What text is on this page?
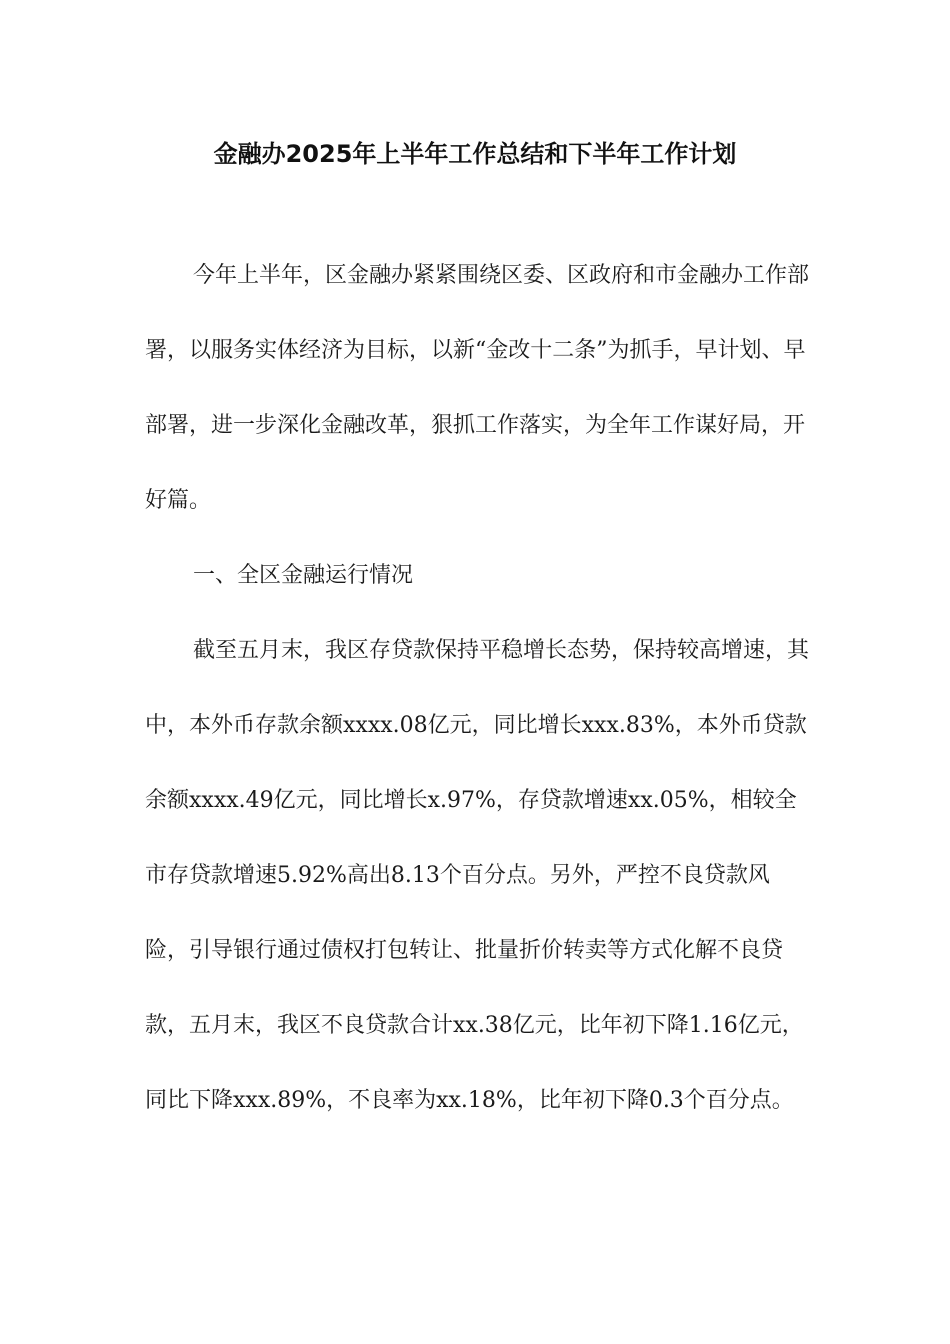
金融办2025年上半年工作总结和下半年工作计划

今年上半年，区金融办紧紧围绕区委、区政府和市金融办工作部署，以服务实体经济为目标，以新“金改十二条”为抓手，早计划、早部署，进一步深化金融改革，狠抓工作落实，为全年工作谋好局，开好篇。

一、全区金融运行情况

截至五月末，我区存贷款保持平稳增长态势，保持较高增速，其中，本外币存款余额xxxx.08亿元，同比增长xxx.83%，本外币贷款余额xxxx.49亿元，同比增长x.97%，存贷款增速xx.05%，相较全市存贷款增速5.92%高出8.13个百分点。另外，严控不良贷款风险，引导银行通过债权打包转让、批量折价转卖等方式化解不良贷款，五月末，我区不良贷款合计xx.38亿元，比年初下降1.16亿元，同比下降xxx.89%，不良率为xx.18%，比年初下降0.3个百分点。
